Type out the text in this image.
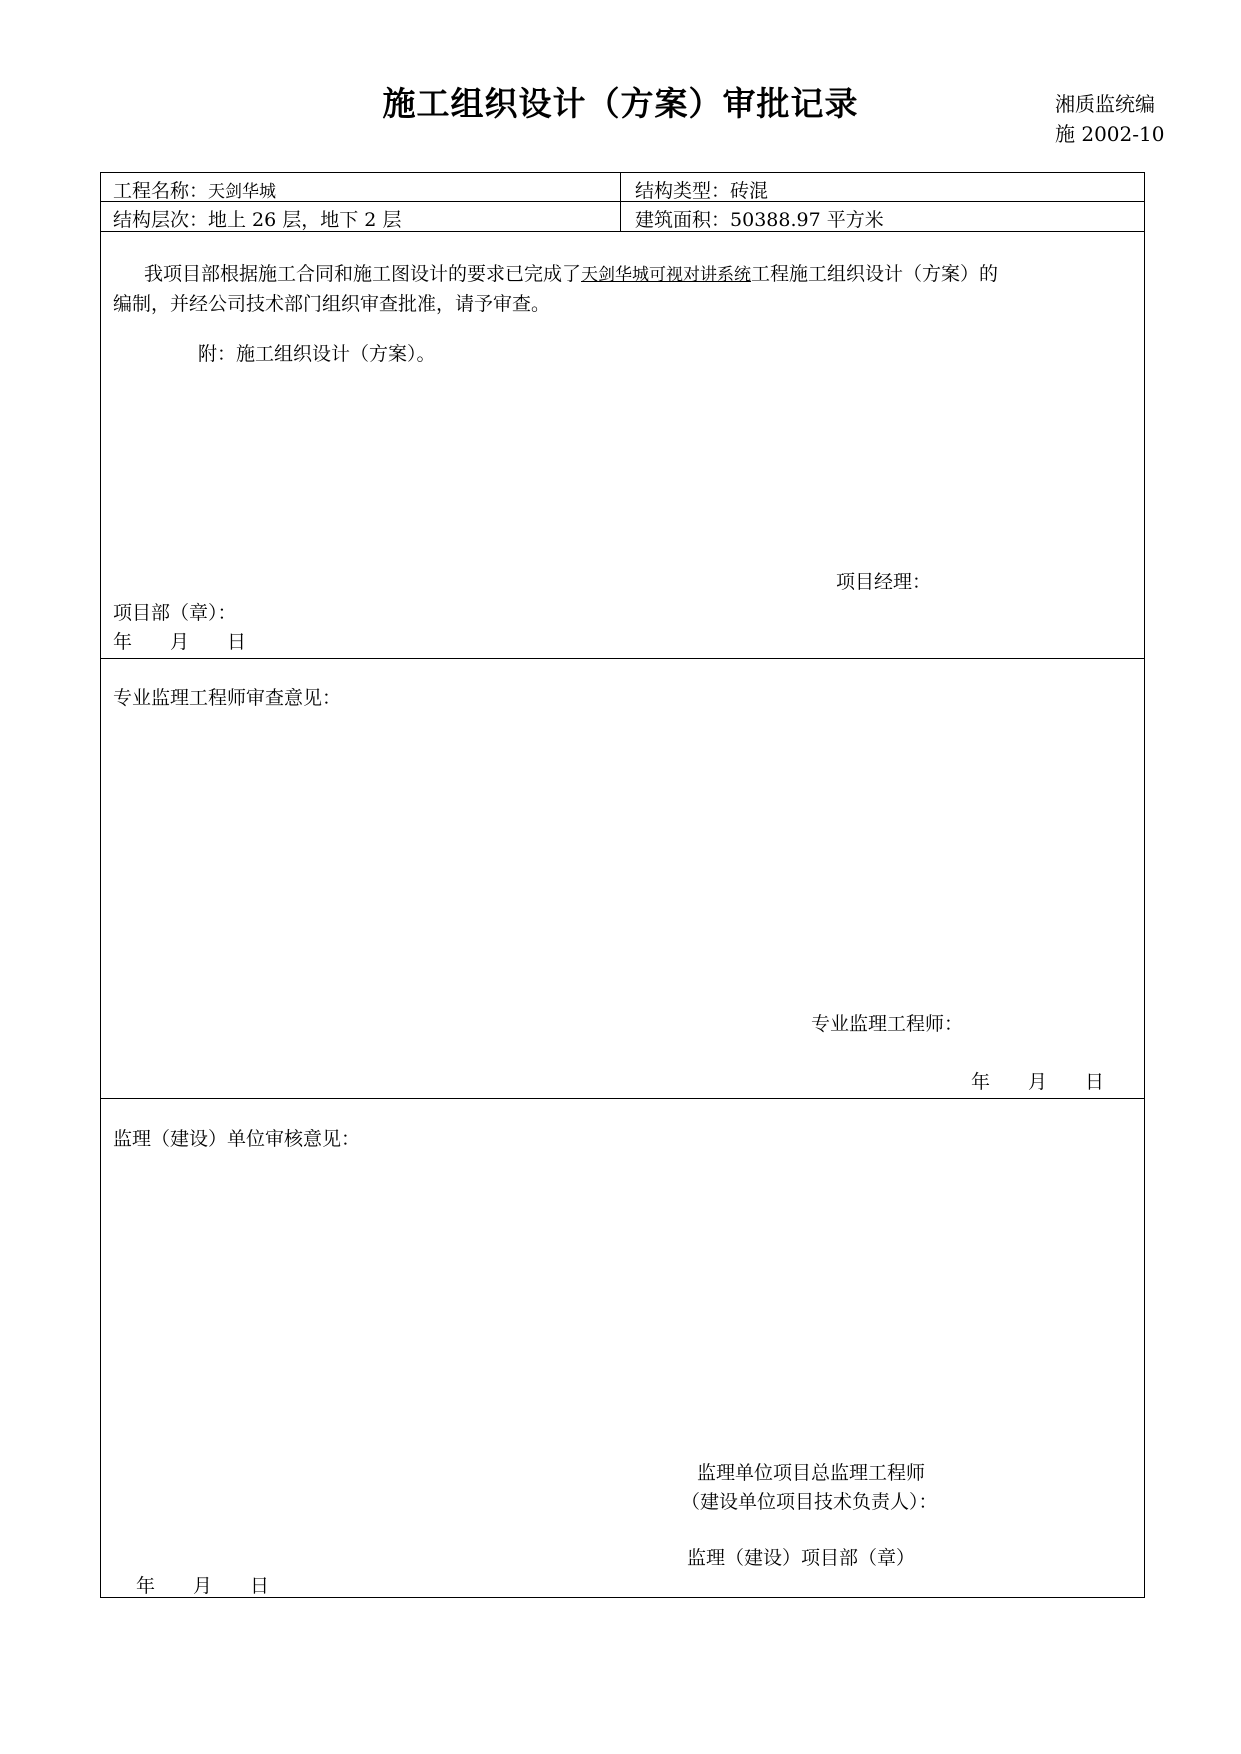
施工组织设计（方案）审批记录	湘质监统编
施 2002-10
工程名称：天剑华城	结构类型：砖混
结构层次：地上 26 层，地下 2 层	建筑面积：50388.97 平方米
我项目部根据施工合同和施工图设计的要求已完成了天剑华城可视对讲系统工程施工组织设计（方案）的
编制，并经公司技术部门组织审查批准，请予审查。
附：施工组织设计（方案）。
项目经理：
项目部（章）：
年　　月　　日
专业监理工程师审查意见：
专业监理工程师：
年　　月　　日
监理（建设）单位审核意见：
监理单位项目总监理工程师
（建设单位项目技术负责人）：
监理（建设）项目部（章）
年　　月　　日
